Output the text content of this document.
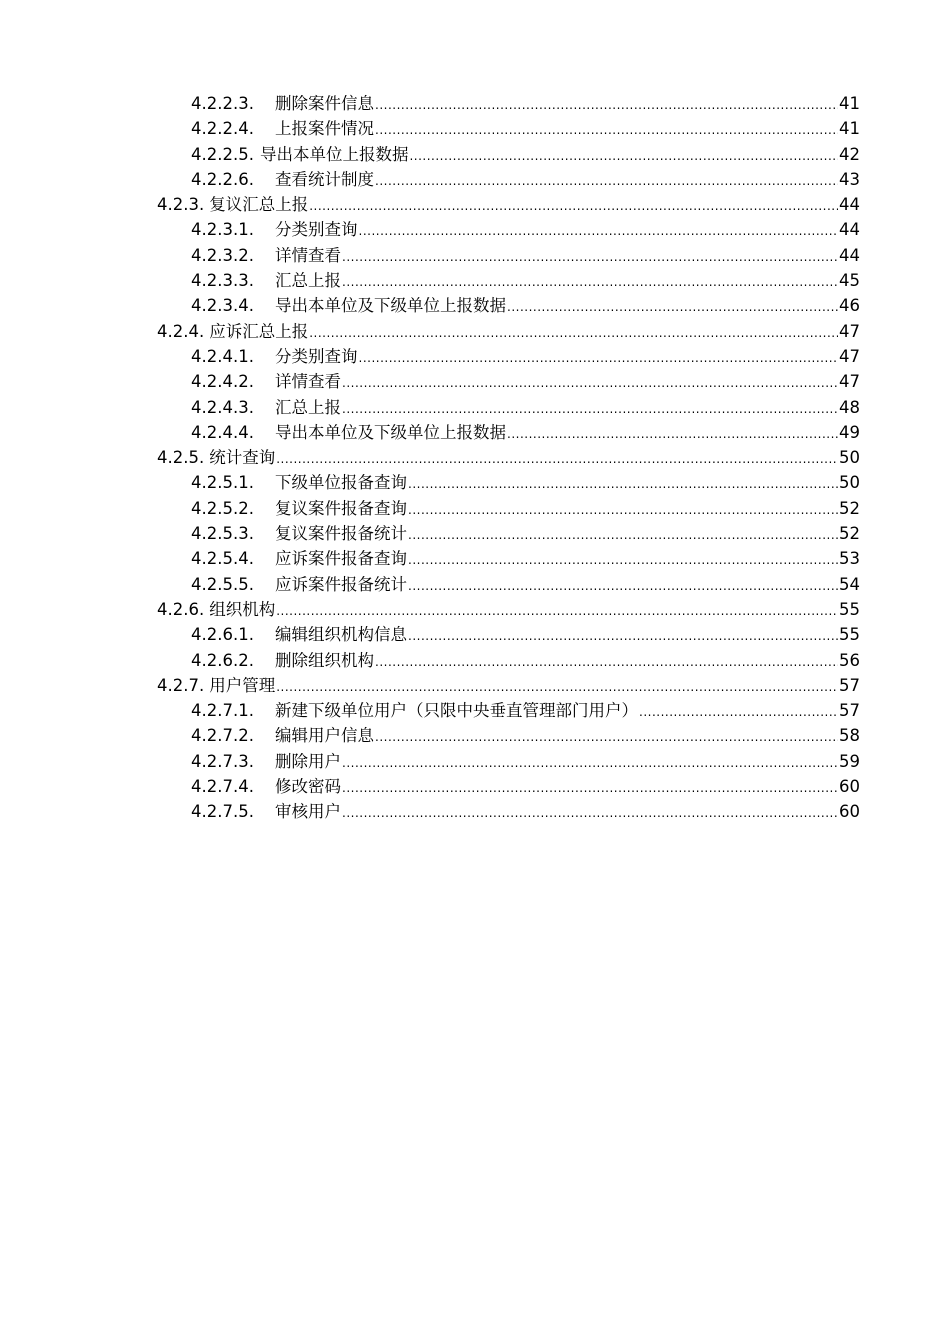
4.2.2.3.	删除案件信息 .....	41
4.2.2.4.	上报案件情况 .....	41
4.2.2.5. 导出本单位上报数据 .....	42
4.2.2.6.	查看统计制度 .....	43
4.2.3. 复议汇总上报 .....	44
4.2.3.1.	分类别查询 .....	44
4.2.3.2.	详情查看 .....	44
4.2.3.3.	汇总上报 .....	45
4.2.3.4.	导出本单位及下级单位上报数据 .....	46
4.2.4. 应诉汇总上报 .....	47
4.2.4.1.	分类别查询 .....	47
4.2.4.2.	详情查看 .....	47
4.2.4.3.	汇总上报 .....	48
4.2.4.4.	导出本单位及下级单位上报数据 .....	49
4.2.5. 统计查询 .....	50
4.2.5.1.	下级单位报备查询 .....	50
4.2.5.2.	复议案件报备查询 .....	52
4.2.5.3.	复议案件报备统计 .....	52
4.2.5.4.	应诉案件报备查询 .....	53
4.2.5.5.	应诉案件报备统计 .....	54
4.2.6. 组织机构 .....	55
4.2.6.1.	编辑组织机构信息 .....	55
4.2.6.2.	删除组织机构 .....	56
4.2.7. 用户管理 .....	57
4.2.7.1.	新建下级单位用户（只限中央垂直管理部门用户） .....	57
4.2.7.2.	编辑用户信息 .....	58
4.2.7.3.	删除用户 .....	59
4.2.7.4.	修改密码 .....	60
4.2.7.5.	审核用户 .....	60
